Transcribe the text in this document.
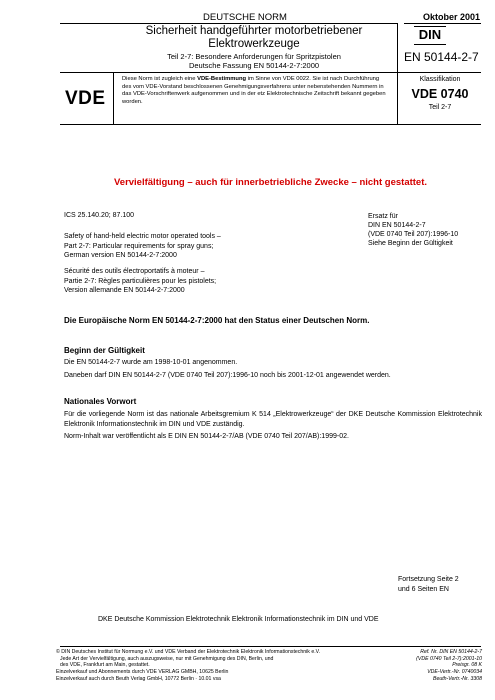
DEUTSCHE NORM	Oktober 2001
Sicherheit handgeführter motorbetriebener
Elektrowerkzeuge
Teil 2-7: Besondere Anforderungen für Spritzpistolen
Deutsche Fassung EN 50144-2-7:2000
DIN
EN 50144-2-7
VDE
Diese Norm ist zugleich eine VDE-Bestimmung im Sinne von VDE 0022. Sie ist nach Durchführung des vom VDE-Vorstand beschlossenen Genehmigungsverfahrens unter nebenstehenden Nummern in das VDE-Vorschriftenwerk aufgenommen und in der etz Elektrotechnische Zeitschrift bekannt gegeben worden.
Klassifikation
VDE 0740
Teil 2-7
Vervielfältigung – auch für innerbetriebliche Zwecke – nicht gestattet.
ICS 25.140.20; 87.100
Safety of hand-held electric motor operated tools –
Part 2-7: Particular requirements for spray guns;
German version EN 50144-2-7:2000
Sécurité des outils électroportatifs à moteur –
Partie 2-7: Règles particulières pour les pistolets;
Version allemande EN 50144-2-7:2000
Ersatz für
DIN EN 50144-2-7
(VDE 0740 Teil 207):1996-10
Siehe Beginn der Gültigkeit
Die Europäische Norm EN 50144-2-7:2000 hat den Status einer Deutschen Norm.
Beginn der Gültigkeit
Die EN 50144-2-7 wurde am 1998-10-01 angenommen.
Daneben darf DIN EN 50144-2-7 (VDE 0740 Teil 207):1996-10 noch bis 2001-12-01 angewendet werden.
Nationales Vorwort
Für die vorliegende Norm ist das nationale Arbeitsgremium K 514 „Elektrowerkzeuge“ der DKE Deutsche Kommission Elektrotechnik Elektronik Informationstechnik im DIN und VDE zuständig.
Norm-Inhalt war veröffentlicht als E DIN EN 50144-2-7/AB (VDE 0740 Teil 207/AB):1999-02.
Fortsetzung Seite 2
und 6 Seiten EN
DKE Deutsche Kommission Elektrotechnik Elektronik Informationstechnik im DIN und VDE
© DIN Deutsches Institut für Normung e.V. und VDE Verband der Elektrotechnik Elektronik Informationstechnik e.V.
Jede Art der Vervielfältigung, auch auszugsweise, nur mit Genehmigung des DIN, Berlin, und
des VDE, Frankfurt am Main, gestattet.
Einzelverkauf und Abonnements durch VDE VERLAG GMBH, 10625 Berlin
Einzelverkauf auch durch Beuth Verlag GmbH, 10772 Berlin · 10.01 vsa
Ref. Nr. DIN EN 50144-2-7
(VDE 0740 Teil 2-7):2001-10
Preisgr. 08 K
VDE-Vertr.-Nr. 0740034
Beuth-Vertr.-Nr. 3308
